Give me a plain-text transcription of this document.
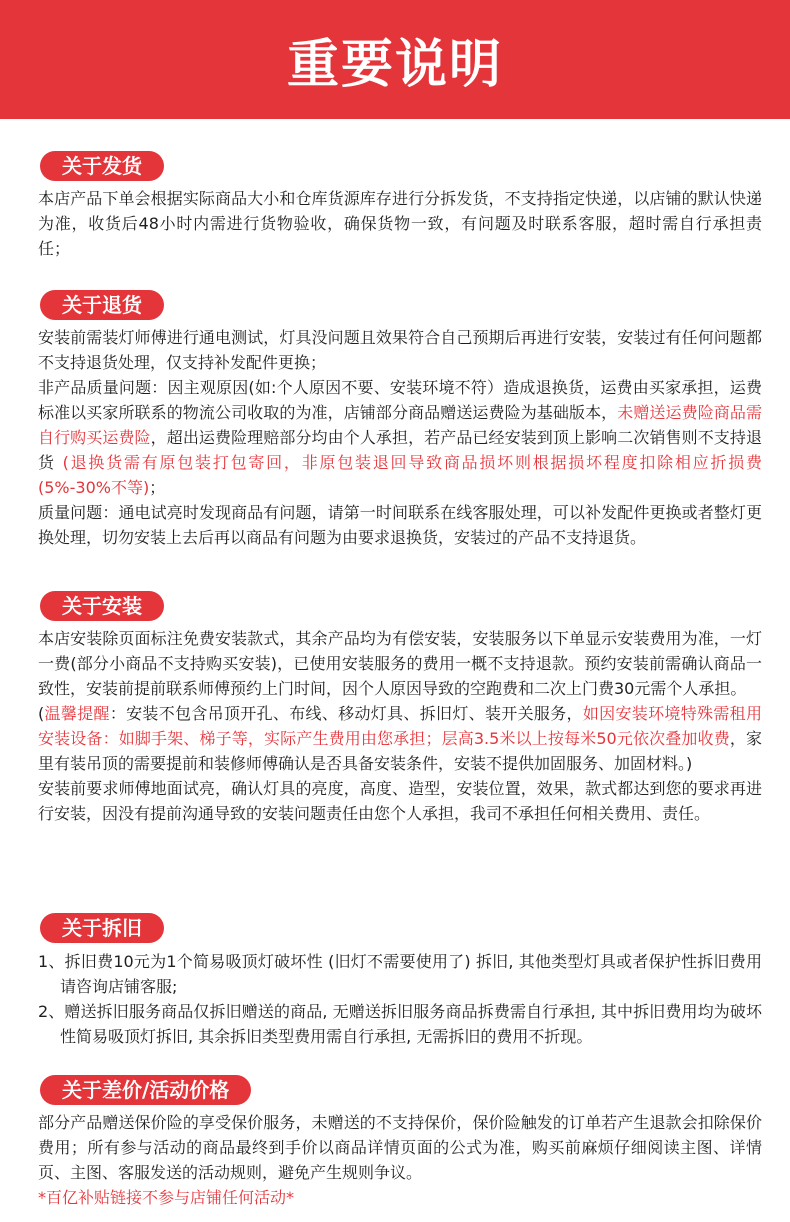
重要说明
关于发货

本店产品下单会根据实际商品大小和仓库货源库存进行分拆发货，不支持指定快递，以店铺的默认快递为准，收货后48小时内需进行货物验收，确保货物一致，有问题及时联系客服，超时需自行承担责任；

关于退货

安装前需装灯师傅进行通电测试，灯具没问题且效果符合自己预期后再进行安装，安装过有任何问题都不支持退货处理，仅支持补发配件更换；

非产品质量问题：因主观原因(如:个人原因不要、安装环境不符）造成退换货，运费由买家承担，运费标准以买家所联系的物流公司收取的为准，店铺部分商品赠送运费险为基础版本，未赠送运费险商品需自行购买运费险，超出运费险理赔部分均由个人承担，若产品已经安装到顶上影响二次销售则不支持退货 (退换货需有原包装打包寄回，非原包装退回导致商品损坏则根据损坏程度扣除相应折损费(5%-30%不等)；

质量问题：通电试亮时发现商品有问题，请第一时间联系在线客服处理，可以补发配件更换或者整灯更换处理，切勿安装上去后再以商品有问题为由要求退换货，安装过的产品不支持退货。

关于安装

本店安装除页面标注免费安装款式，其余产品均为有偿安装，安装服务以下单显示安装费用为准，一灯一费(部分小商品不支持购买安装)，已使用安装服务的费用一概不支持退款。预约安装前需确认商品一致性，安装前提前联系师傅预约上门时间，因个人原因导致的空跑费和二次上门费30元需个人承担。

(温馨提醒：安装不包含吊顶开孔、布线、移动灯具、拆旧灯、装开关服务，如因安装环境特殊需租用安装设备：如脚手架、梯子等，实际产生费用由您承担；层高3.5米以上按每米50元依次叠加收费，家里有装吊顶的需要提前和装修师傅确认是否具备安装条件，安装不提供加固服务、加固材料。)

安装前要求师傅地面试亮，确认灯具的亮度，高度、造型，安装位置，效果，款式都达到您的要求再进行安装，因没有提前沟通导致的安装问题责任由您个人承担，我司不承担任何相关费用、责任。

关于拆旧

1、拆旧费10元为1个简易吸顶灯破坏性 (旧灯不需要使用了) 拆旧, 其他类型灯具或者保护性拆旧费用请咨询店铺客服;

2、赠送拆旧服务商品仅拆旧赠送的商品, 无赠送拆旧服务商品拆费需自行承担, 其中拆旧费用均为破坏性简易吸顶灯拆旧, 其余拆旧类型费用需自行承担, 无需拆旧的费用不折现。

关于差价/活动价格

部分产品赠送保价险的享受保价服务，未赠送的不支持保价，保价险触发的订单若产生退款会扣除保价费用；所有参与活动的商品最终到手价以商品详情页面的公式为准，购买前麻烦仔细阅读主图、详情页、主图、客服发送的活动规则，避免产生规则争议。

*百亿补贴链接不参与店铺任何活动*
